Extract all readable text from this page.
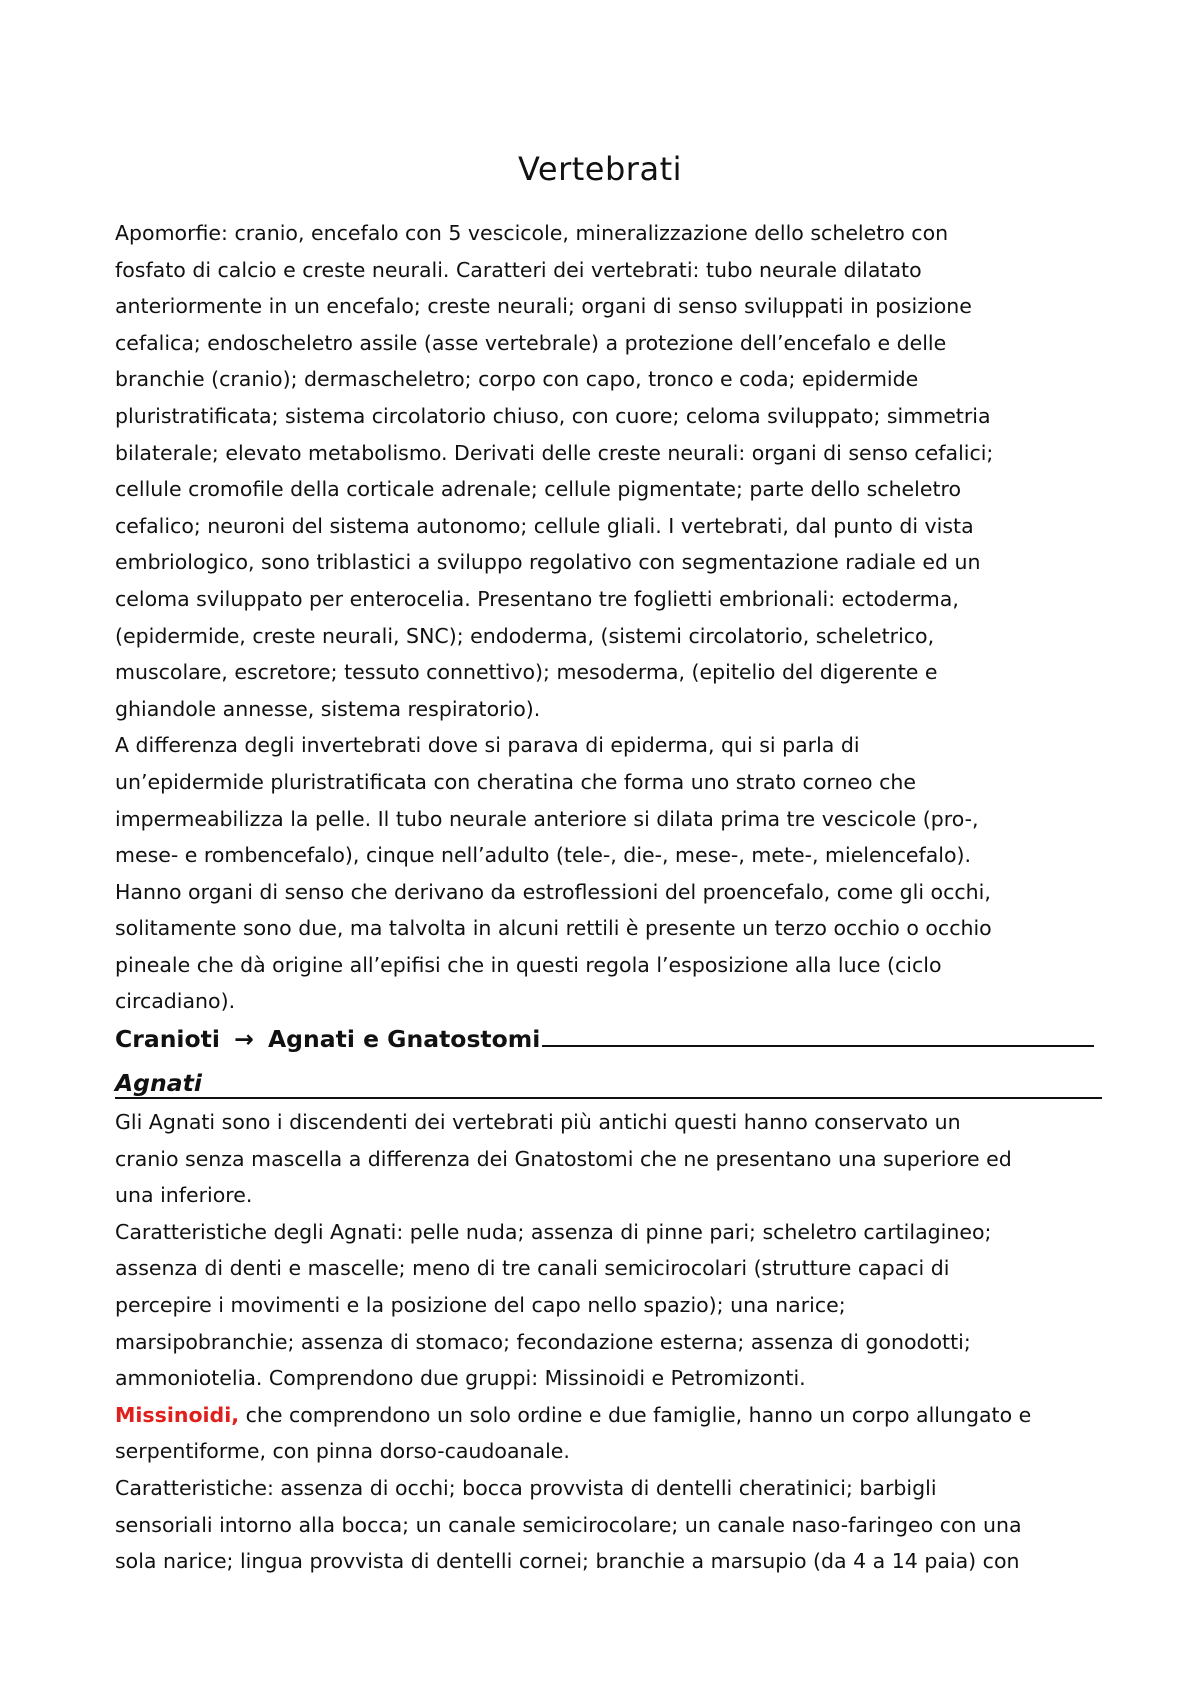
Vertebrati
Apomorfie: cranio, encefalo con 5 vescicole, mineralizzazione dello scheletro con
fosfato di calcio e creste neurali. Caratteri dei vertebrati: tubo neurale dilatato
anteriormente in un encefalo; creste neurali; organi di senso sviluppati in posizione
cefalica; endoscheletro assile (asse vertebrale) a protezione dell’encefalo e delle
branchie (cranio); dermascheletro; corpo con capo, tronco e coda; epidermide
pluristratificata; sistema circolatorio chiuso, con cuore; celoma sviluppato; simmetria
bilaterale; elevato metabolismo. Derivati delle creste neurali: organi di senso cefalici;
cellule cromofile della corticale adrenale; cellule pigmentate; parte dello scheletro
cefalico; neuroni del sistema autonomo; cellule gliali. I vertebrati, dal punto di vista
embriologico, sono triblastici a sviluppo regolativo con segmentazione radiale ed un
celoma sviluppato per enterocelia. Presentano tre foglietti embrionali: ectoderma,
(epidermide, creste neurali, SNC); endoderma, (sistemi circolatorio, scheletrico,
muscolare, escretore; tessuto connettivo); mesoderma, (epitelio del digerente e
ghiandole annesse, sistema respiratorio).
A differenza degli invertebrati dove si parava di epiderma, qui si parla di
un’epidermide pluristratificata con cheratina che forma uno strato corneo che
impermeabilizza la pelle. Il tubo neurale anteriore si dilata prima tre vescicole (pro-,
mese- e rombencefalo), cinque nell’adulto (tele-, die-, mese-, mete-, mielencefalo).
Hanno organi di senso che derivano da estroflessioni del proencefalo, come gli occhi,
solitamente sono due, ma talvolta in alcuni rettili è presente un terzo occhio o occhio
pineale che dà origine all’epifisi che in questi regola l’esposizione alla luce (ciclo
circadiano).
Cranioti → Agnati e Gnatostomi
Agnati
Gli Agnati sono i discendenti dei vertebrati più antichi questi hanno conservato un
cranio senza mascella a differenza dei Gnatostomi che ne presentano una superiore ed
una inferiore.
Caratteristiche degli Agnati: pelle nuda; assenza di pinne pari; scheletro cartilagineo;
assenza di denti e mascelle; meno di tre canali semicirocolari (strutture capaci di
percepire i movimenti e la posizione del capo nello spazio); una narice;
marsipobranchie; assenza di stomaco; fecondazione esterna; assenza di gonodotti;
ammoniotelia. Comprendono due gruppi: Missinoidi e Petromizonti.
Missinoidi, che comprendono un solo ordine e due famiglie, hanno un corpo allungato e
serpentiforme, con pinna dorso-caudoanale.
Caratteristiche: assenza di occhi; bocca provvista di dentelli cheratinici; barbigli
sensoriali intorno alla bocca; un canale semicirocolare; un canale naso-faringeo con una
sola narice; lingua provvista di dentelli cornei; branchie a marsupio (da 4 a 14 paia) con
